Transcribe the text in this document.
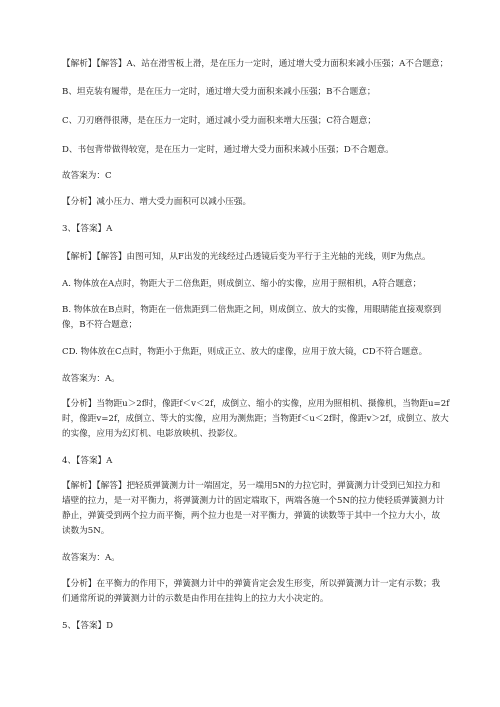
【解析】【解答】A、站在滑雪板上滑，是在压力一定时，通过增大受力面积来减小压强；A不合题意；
B、坦克装有履带，是在压力一定时，通过增大受力面积来减小压强；B不合题意；
C、刀刃磨得很薄，是在压力一定时，通过减小受力面积来增大压强；C符合题意；
D、书包背带做得较宽，是在压力一定时，通过增大受力面积来减小压强；D不合题意。
故答案为：C
【分析】减小压力、增大受力面积可以减小压强。
3、【答案】A
【解析】【解答】由图可知，从F出发的光线经过凸透镜后变为平行于主光轴的光线，则F为焦点。
A. 物体放在A点时，物距大于二倍焦距，则成倒立、缩小的实像，应用于照相机，A符合题意；
B. 物体放在B点时，物距在一倍焦距到二倍焦距之间，则成倒立、放大的实像，用眼睛能直接观察到
像，B不符合题意；
CD. 物体放在C点时，物距小于焦距，则成正立、放大的虚像，应用于放大镜，CD不符合题意。
故答案为：A。
【分析】当物距u＞2f时，像距f＜v＜2f，成倒立、缩小的实像，应用为照相机、摄像机，当物距u=2f
时，像距v=2f，成倒立、等大的实像，应用为测焦距；当物距f＜u＜2f时，像距v＞2f，成倒立、放大
的实像，应用为幻灯机、电影放映机、投影仪。
4、【答案】A
【解析】【解答】把轻质弹簧测力计一端固定，另一端用5N的力拉它时，弹簧测力计受到已知拉力和
墙壁的拉力，是一对平衡力，将弹簧测力计的固定端取下，两端各施一个5N的拉力使轻质弹簧测力计
静止，弹簧受到两个拉力而平衡，两个拉力也是一对平衡力，弹簧的读数等于其中一个拉力大小，故
读数为5N。
故答案为：A。
【分析】在平衡力的作用下，弹簧测力计中的弹簧肯定会发生形变，所以弹簧测力计一定有示数；我
们通常所说的弹簧测力计的示数是由作用在挂钩上的拉力大小决定的。
5、【答案】D
